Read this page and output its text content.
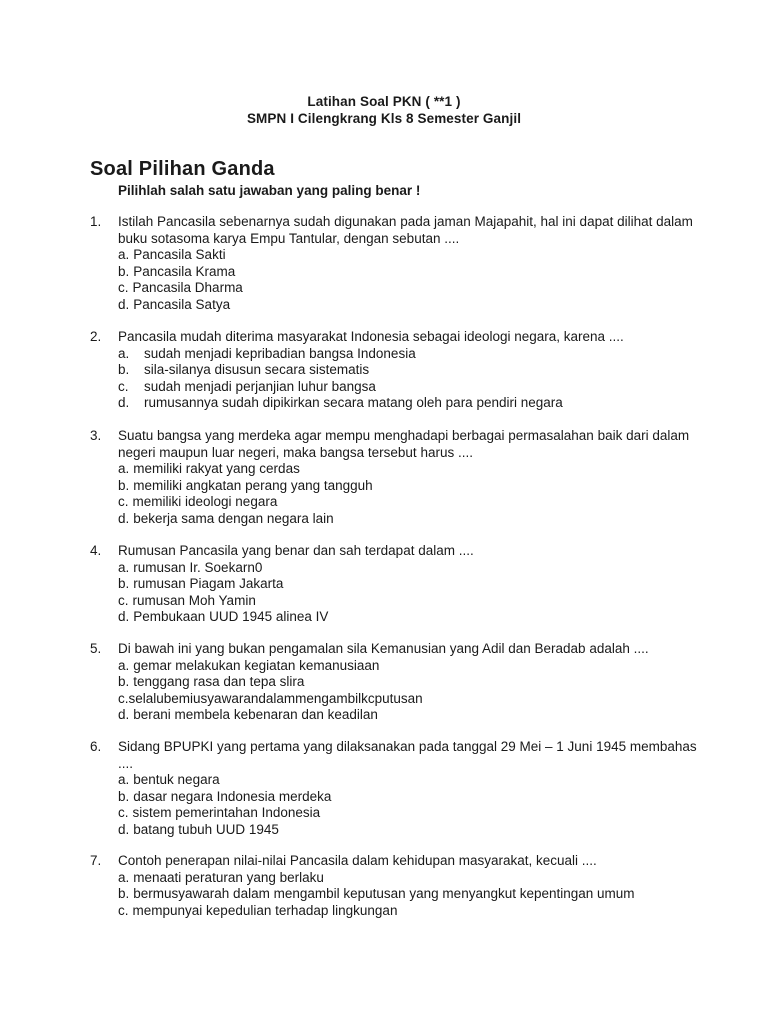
Latihan Soal PKN ( **1 )
SMPN I Cilengkrang Kls 8 Semester Ganjil
Soal Pilihan Ganda
Pilihlah salah satu jawaban yang paling benar !
1. Istilah Pancasila sebenarnya sudah digunakan pada jaman Majapahit, hal ini dapat dilihat dalam buku sotasoma karya Empu Tantular, dengan sebutan ....
a. Pancasila Sakti
b. Pancasila Krama
c. Pancasila Dharma
d. Pancasila Satya
2. Pancasila mudah diterima masyarakat Indonesia sebagai ideologi negara, karena ....
a. sudah menjadi kepribadian bangsa Indonesia
b. sila-silanya disusun secara sistematis
c. sudah menjadi perjanjian luhur bangsa
d. rumusannya sudah dipikirkan secara matang oleh para pendiri negara
3. Suatu bangsa yang merdeka agar mempu menghadapi berbagai permasalahan baik dari dalam negeri maupun luar negeri, maka bangsa tersebut harus ....
a. memiliki rakyat yang cerdas
b. memiliki angkatan perang yang tangguh
c. memiliki ideologi negara
d. bekerja sama dengan negara lain
4. Rumusan Pancasila yang benar dan sah terdapat dalam ....
a. rumusan Ir. Soekarn0
b. rumusan Piagam Jakarta
c. rumusan Moh Yamin
d. Pembukaan UUD 1945 alinea IV
5. Di bawah ini yang bukan pengamalan sila Kemanusian yang Adil dan Beradab adalah ....
a. gemar melakukan kegiatan kemanusiaan
b. tenggang rasa dan tepa slira
c.selalubemiusyawarandalammengambilkcputusan
d. berani membela kebenaran dan keadilan
6. Sidang BPUPKI yang pertama yang dilaksanakan pada tanggal 29 Mei – 1 Juni 1945 membahas ....
a. bentuk negara
b. dasar negara Indonesia merdeka
c. sistem pemerintahan Indonesia
d. batang tubuh UUD 1945
7. Contoh penerapan nilai-nilai Pancasila dalam kehidupan masyarakat, kecuali ....
a. menaati peraturan yang berlaku
b. bermusyawarah dalam mengambil keputusan yang menyangkut kepentingan umum
c. mempunyai kepedulian terhadap lingkungan
